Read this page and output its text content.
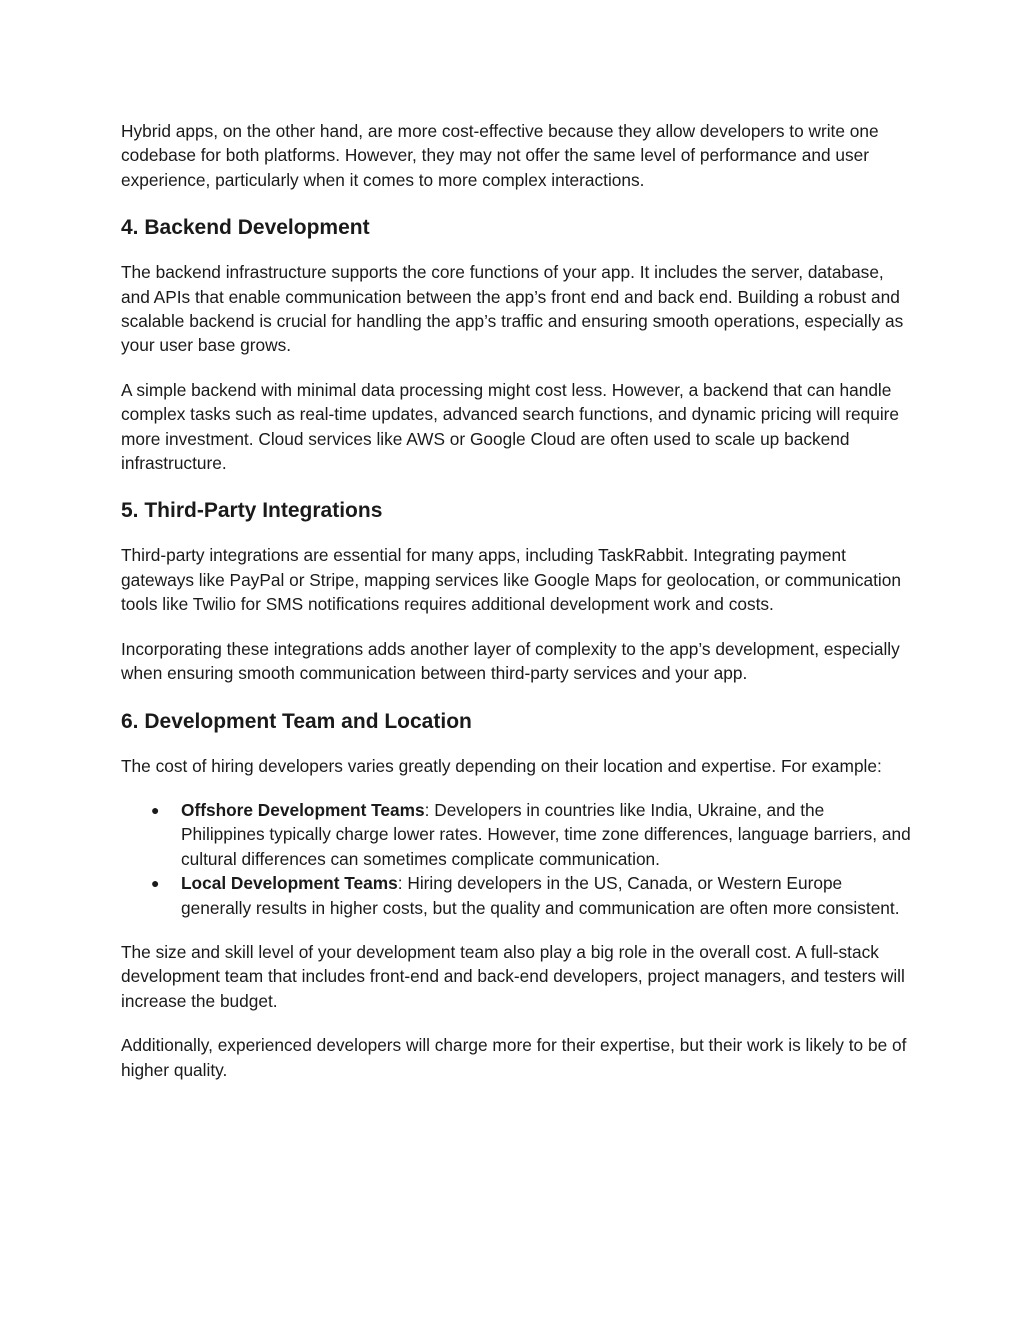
Hybrid apps, on the other hand, are more cost-effective because they allow developers to write one codebase for both platforms. However, they may not offer the same level of performance and user experience, particularly when it comes to more complex interactions.

4. Backend Development

The backend infrastructure supports the core functions of your app. It includes the server, database, and APIs that enable communication between the app’s front end and back end. Building a robust and scalable backend is crucial for handling the app’s traffic and ensuring smooth operations, especially as your user base grows.

A simple backend with minimal data processing might cost less. However, a backend that can handle complex tasks such as real-time updates, advanced search functions, and dynamic pricing will require more investment. Cloud services like AWS or Google Cloud are often used to scale up backend infrastructure.

5. Third-Party Integrations

Third-party integrations are essential for many apps, including TaskRabbit. Integrating payment gateways like PayPal or Stripe, mapping services like Google Maps for geolocation, or communication tools like Twilio for SMS notifications requires additional development work and costs.

Incorporating these integrations adds another layer of complexity to the app’s development, especially when ensuring smooth communication between third-party services and your app.

6. Development Team and Location

The cost of hiring developers varies greatly depending on their location and expertise. For example:

● Offshore Development Teams: Developers in countries like India, Ukraine, and the Philippines typically charge lower rates. However, time zone differences, language barriers, and cultural differences can sometimes complicate communication.
● Local Development Teams: Hiring developers in the US, Canada, or Western Europe generally results in higher costs, but the quality and communication are often more consistent.

The size and skill level of your development team also play a big role in the overall cost. A full-stack development team that includes front-end and back-end developers, project managers, and testers will increase the budget.

Additionally, experienced developers will charge more for their expertise, but their work is likely to be of higher quality.
